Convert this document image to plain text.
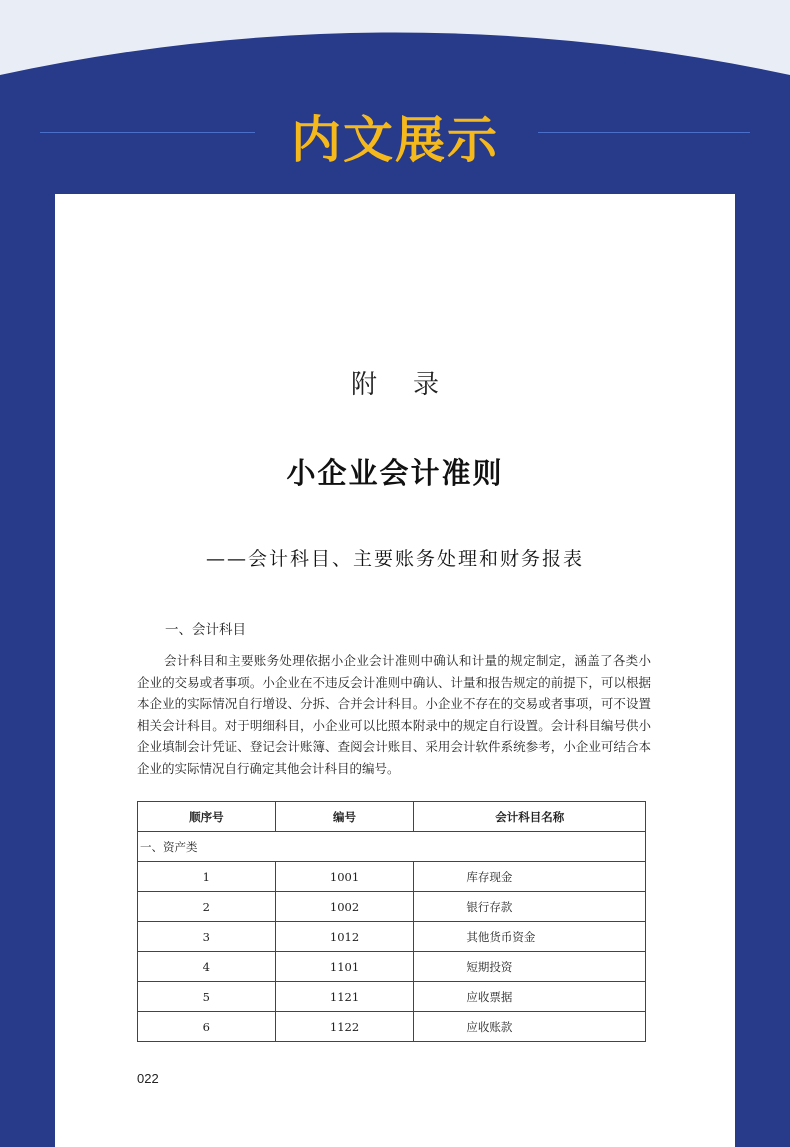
内文展示
附录
小企业会计准则
——会计科目、主要账务处理和财务报表
一、会计科目
会计科目和主要账务处理依据小企业会计准则中确认和计量的规定制定，涵盖了各类小企业的交易或者事项。小企业在不违反会计准则中确认、计量和报告规定的前提下，可以根据本企业的实际情况自行增设、分拆、合并会计科目。小企业不存在的交易或者事项，可不设置相关会计科目。对于明细科目，小企业可以比照本附录中的规定自行设置。会计科目编号供小企业填制会计凭证、登记会计账簿、查阅会计账目、采用会计软件系统参考，小企业可结合本企业的实际情况自行确定其他会计科目的编号。
顺序号	编号	会计科目名称
一、资产类		
1	1001	库存现金
2	1002	银行存款
3	1012	其他货币资金
4	1101	短期投资
5	1121	应收票据
6	1122	应收账款
022
